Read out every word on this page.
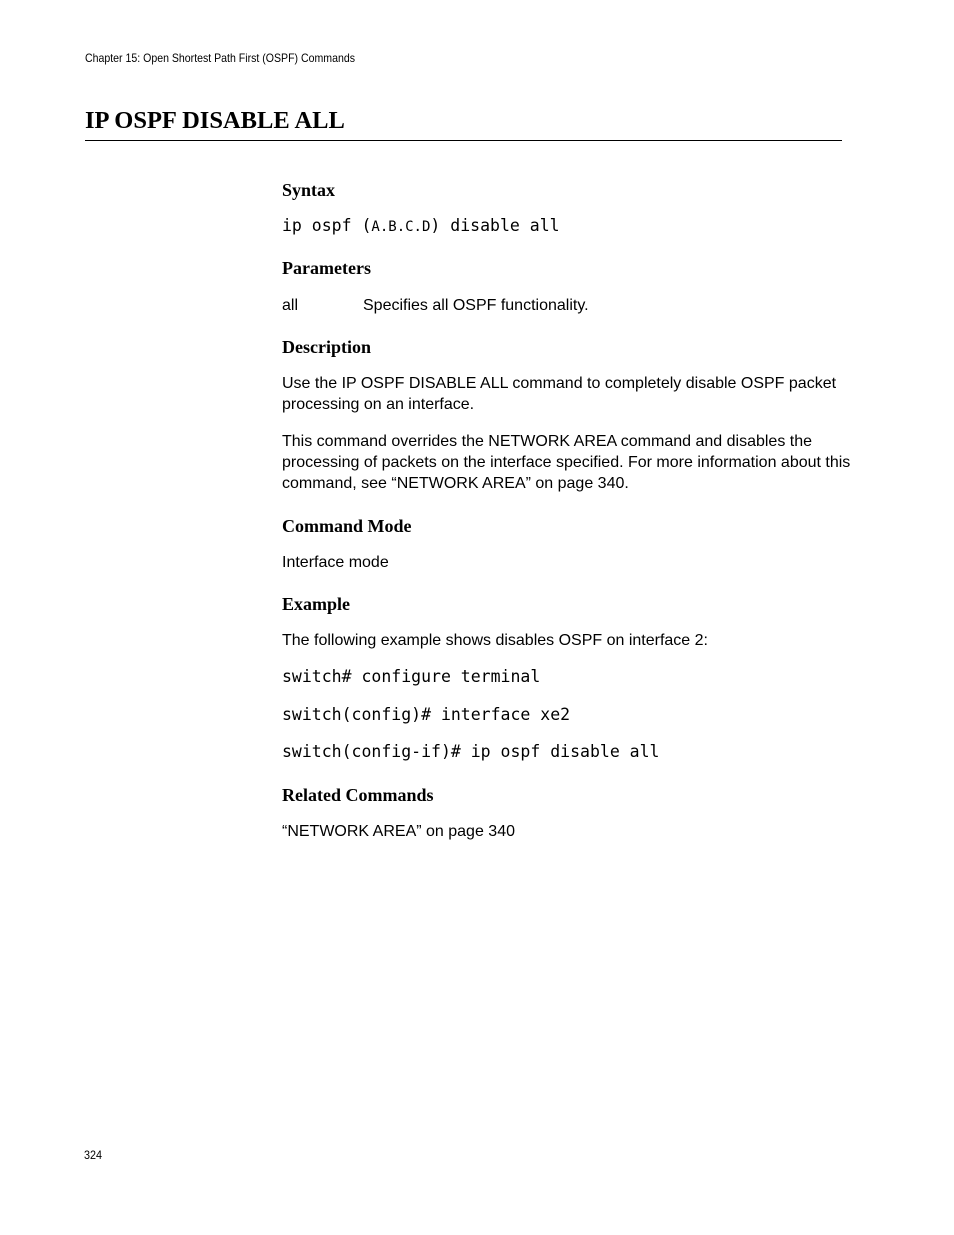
Chapter 15: Open Shortest Path First (OSPF) Commands
IP OSPF DISABLE ALL
Syntax
ip ospf (A.B.C.D) disable all
Parameters
all	Specifies all OSPF functionality.
Description

Use the IP OSPF DISABLE ALL command to completely disable OSPF packet processing on an interface.

This command overrides the NETWORK AREA command and disables the processing of packets on the interface specified. For more information about this command, see “NETWORK AREA” on page 340.

Command Mode

Interface mode

Example

The following example shows disables OSPF on interface 2:

switch# configure terminal
switch(config)# interface xe2
switch(config-if)# ip ospf disable all
Related Commands

“NETWORK AREA” on page 340

324
